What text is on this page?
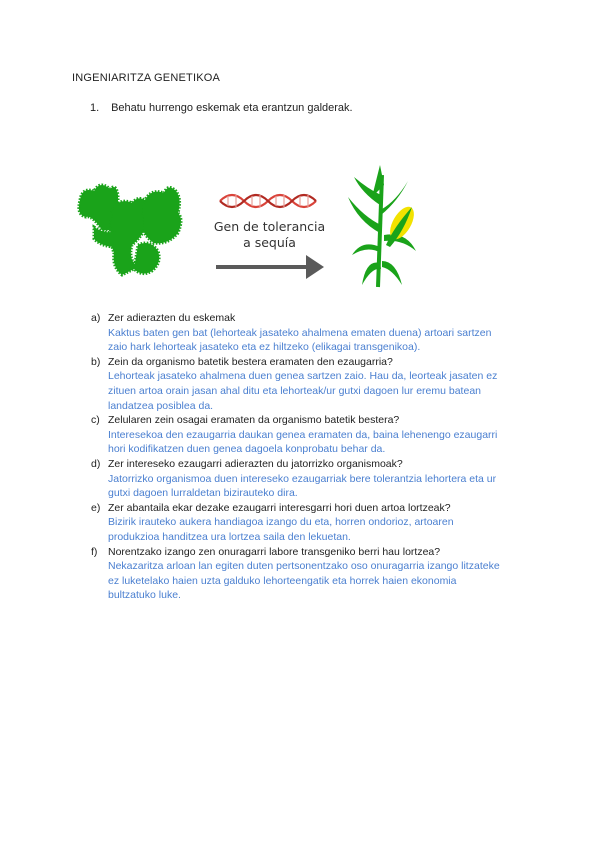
INGENIARITZA GENETIKOA
1. Behatu hurrengo eskemak eta erantzun galderak.
Gen de tolerancia
a sequía
a) Zer adierazten du eskemak
Kaktus baten gen bat (lehorteak jasateko ahalmena ematen duena) artoari sartzen
zaio hark lehorteak jasateko eta ez hiltzeko (elikagai transgenikoa).
b) Zein da organismo batetik bestera eramaten den ezaugarria?
Lehorteak jasateko ahalmena duen genea sartzen zaio. Hau da, leorteak jasaten ez
zituen artoa orain jasan ahal ditu eta lehorteak/ur gutxi dagoen lur eremu batean
landatzea posiblea da.
c) Zelularen zein osagai eramaten da organismo batetik bestera?
Interesekoa den ezaugarria daukan genea eramaten da, baina lehenengo ezaugarri
hori kodifikatzen duen genea dagoela konprobatu behar da.
d) Zer intereseko ezaugarri adierazten du jatorrizko organismoak?
Jatorrizko organismoa duen intereseko ezaugarriak bere tolerantzia lehortera eta ur
gutxi dagoen lurraldetan bizirauteko dira.
e) Zer abantaila ekar dezake ezaugarri interesgarri hori duen artoa lortzeak?
Bizirik irauteko aukera handiagoa izango du eta, horren ondorioz, artoaren
produkzioa handitzea ura lortzea saila den lekuetan.
f)	Norentzako izango zen onuragarri labore transgeniko berri hau lortzea?
Nekazaritza arloan lan egiten duten pertsonentzako oso onuragarria izango litzateke
ez luketelako haien uzta galduko lehorteengatik eta horrek haien ekonomia
bultzatuko luke.
